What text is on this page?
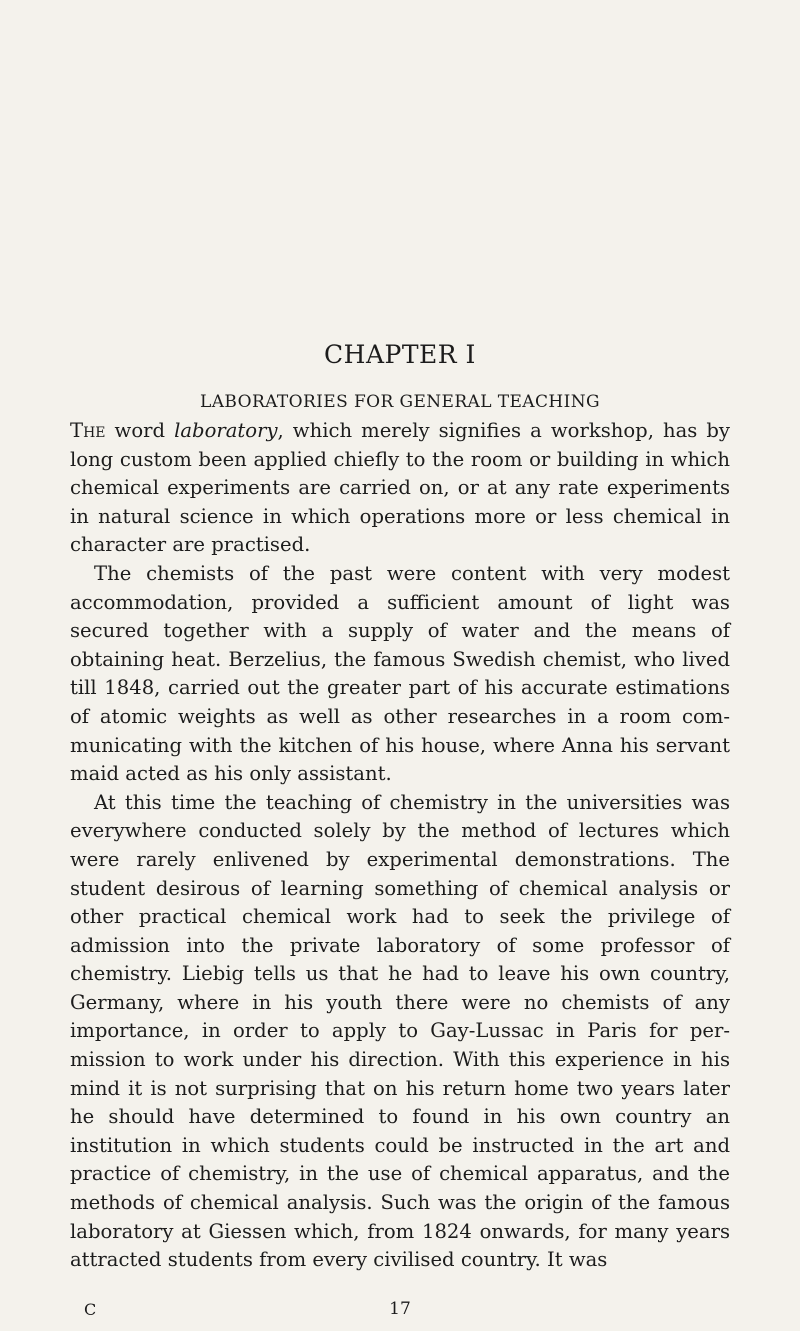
CHAPTER I
LABORATORIES FOR GENERAL TEACHING

The word laboratory, which merely signifies a workshop, has by long custom been applied chiefly to the room or building in which chemical experiments are carried on, or at any rate experiments in natural science in which operations more or less chemical in character are practised.

The chemists of the past were content with very modest accommodation, provided a sufficient amount of light was secured together with a supply of water and the means of obtaining heat. Berzelius, the famous Swedish chemist, who lived till 1848, carried out the greater part of his accurate estimations of atomic weights as well as other researches in a room com-municating with the kitchen of his house, where Anna his servant maid acted as his only assistant.

At this time the teaching of chemistry in the universities was everywhere conducted solely by the method of lectures which were rarely enlivened by experimental demonstrations. The student desirous of learning something of chemical analysis or other practical chemical work had to seek the privilege of admission into the private laboratory of some professor of chemistry. Liebig tells us that he had to leave his own country, Germany, where in his youth there were no chemists of any importance, in order to apply to Gay-Lussac in Paris for per-mission to work under his direction. With this experience in his mind it is not surprising that on his return home two years later he should have determined to found in his own country an institution in which students could be instructed in the art and practice of chemistry, in the use of chemical apparatus, and the methods of chemical analysis. Such was the origin of the famous laboratory at Giessen which, from 1824 onwards, for many years attracted students from every civilised country. It was

C	17
